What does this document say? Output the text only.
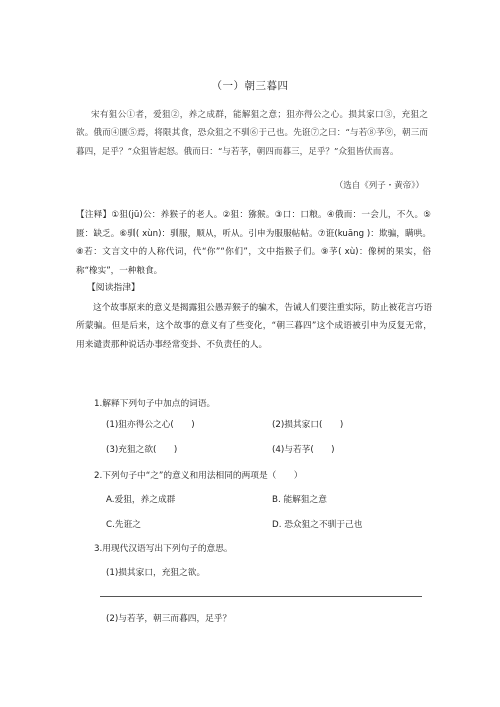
（一）朝三暮四
宋有狙公①者，爱狙②，养之成群，能解狙之意；狙亦得公之心。损其家口③，充狙之欲。俄而④匮⑤焉，将限其食，恐众狙之不驯⑥于己也。先诳⑦之曰：“与若⑧芧⑨，朝三而暮四，足乎？”众狙皆起怒。俄而曰：“与若芧，朝四而暮三，足乎？”众狙皆伏而喜。
（选自《列子・黄帝》）
【注释】①狙(jū)公：养猴子的老人。②狙：猕猴。③口：口粮。④俄而：一会儿，不久。⑤匮：缺乏。⑥驯( xùn)：驯服，顺从，听从。引申为服服帖帖。⑦诳(kuāng )：欺骗，瞒哄。⑧若：文言文中的人称代词，代“你”“你们”，文中指猴子们。⑨芧( xù)：像树的果实，俗称“橡实”，一种粮食。
【阅读指津】
这个故事原来的意义是揭露狙公愚弄猴子的骗术，告诫人们要注重实际，防止被花言巧语所蒙骗。但是后来，这个故事的意义有了些变化，“朝三暮四”这个成语被引申为反复无常，用来谴责那种说话办事经常变卦、不负责任的人。
1.解释下列句子中加点的词语。
(1)狙亦得公之心(　　)	(2)损其家口(　　)
(3)充狙之欲(　　)	(4)与若芧(　　)
2.下列句子中“之”的意义和用法相同的两项是（　　）
A.爱狙，养之成群	B. 能解狙之意
C.先诳之	D. 恐众狙之不驯于己也
3.用现代汉语写出下列句子的意思。
(1)损其家口，充狙之欲。
(2)与若芧，朝三而暮四，足乎？
